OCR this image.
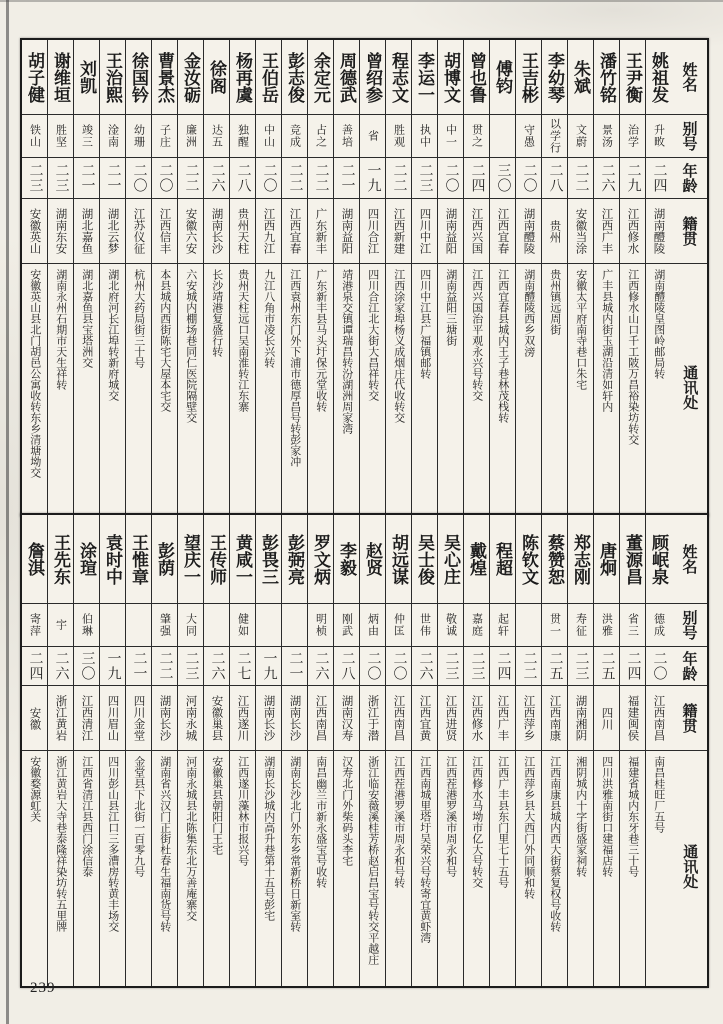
姓名
别号
年龄
籍贯
通讯处
姚祖发
升畋
二四
湖南醴陵
湖南醴陵皇图岭邮局转
王尹衡
治学
二九
江西修水
江西修水山口千工陂万昌裕染坊转交
潘竹铭
景汤
二六
江西广丰
广丰县城内街玉湖沿清如轩内
朱斌
文蔚
二二
安徽当涂
安徽太平府南寺巷口朱宅
李幼琴
以学行
二八
贵州
贵州镇远周街
王吉彬
守愚
二〇
湖南醴陵
湖南醴陵西乡双滂
傅钧
三〇
江西宜春
江西宜春县城内王子巷林茂栈转
曾也鲁
贯之
二四
江西兴国
江西兴国治平观永兴号转交
胡博文
中一
二〇
湖南益阳
湖南益阳三塘街
李运一
执中
二三
四川中江
四川中江县广福镇邮转
程志文
胜观
二二
江西新建
江西涂家埠杨义成烟庄代收转交
曾绍参
省
一九
四川合江
四川合江北大街大昌祥转交
周德武
善培
二一
湖南益阳
靖港泉交镇谭瑞昌转汾湖洲周家湾
余定元
占之
二二
广东新丰
广东新丰县马头圩保元堂收转
彭志俊
竞成
二二
江西宜春
江西袁州东门外下浦市德厚昌号转彭家冲
王伯岳
中山
二〇
江西九江
九江八角市凌长兴转
杨再虞
独醒
二八
贵州天柱
贵州天柱远口吴南淮转江东寨
徐阁
达五
二六
湖南长沙
长沙靖港复盛行转
金汝砺
廉洲
二二
安徽六安
六安城内棚场巷同仁医院隔壁交
曹景杰
子庄
二〇
江西信丰
本县城内西街陈宅大屋本宅交
徐国钤
幼珊
二〇
江苏仪征
杭州大药局街三十号
王治熙
淦南
二一
湖北云梦
湖北府河长江埠转新府城交
刘凯
竣三
二一
湖北嘉鱼
湖北嘉鱼县宝塔洲交
谢维垣
胜坚
二三
湖南东安
湖南永州石期市天生祥转
胡子健
铁山
二三
安徽英山
安徽英山县北门胡邑公寓收转东乡清塘坳交
姓名
别号
年龄
籍贯
通讯处
顾岷泉
德成
二〇
江西南昌
南昌桂旺厂五号
董源昌
省三
二四
福建闽侯
福建省城内东牙巷三十号
唐炯
洪雅
二五
四川
四川洪雅南街口建福店转
郑志刚
寿征
二三
湖南湘阴
湘阴城内十字街盛家祠转
蔡赞恕
贯一
二五
江西南康
江西南康县城内西大街蔡复权号收转
陈钦文
二二
江西萍乡
江西萍乡县大西门外同顺和转
程超
起轩
二四
江西广丰
江西广丰县东门里七十五号
戴煌
嘉庭
二三
江西修水
江西修水马坳市亿大号转交
吴心庄
敬诚
二三
江西进贤
江西茬港罗溪市周永和号
吴士俊
世伟
二六
江西宜黄
江西南城里塔圩吴荣兴号转寄宜黄虾湾
胡远谋
仲匡
二〇
江西南昌
江西茬港罗溪市周永和号转
赵贤
炳由
二〇
浙江于潜
浙江临安薇溪桂芳桥赵启昌宝号转交平越庄
李毅
刚武
二八
湖南汉寿
汉寿北门外柴码头李宅
罗文炳
明桢
二六
江西南昌
南昌幽兰市新永盛宝号收转
彭弼亮
二一
湖南长沙
湖南长沙北门外东乡常新桥日新室转
彭畏三
一九
湖南长沙
湖南长沙城内高升巷第十五号彭宅
黄咸一
健如
二七
江西遂川
江西遂川藻林市报兴号
王传师
二六
安徽巢县
安徽巢县朝阳门王宅
望庆一
大同
二三
河南永城
河南永城县北陈集东北万善庵寨交
彭荫
肇强
二二
湖南长沙
湖南省兴汉门正街杜春生福南货号转
王惟章
二一
四川金堂
金堂县下北街一百零九号
袁时中
一九
四川眉山
四川彭山县江口三多漕房转黄丰场交
涂瑄
伯琳
三〇
江西清江
江西省清江县西门涂信泰
王先东
宇
二六
浙江黄岩
浙江黄岩大寺巷泰隆祥染坊转五里牌
詹淇
寄萍
二四
安徽
安徽婺源虹关
239
